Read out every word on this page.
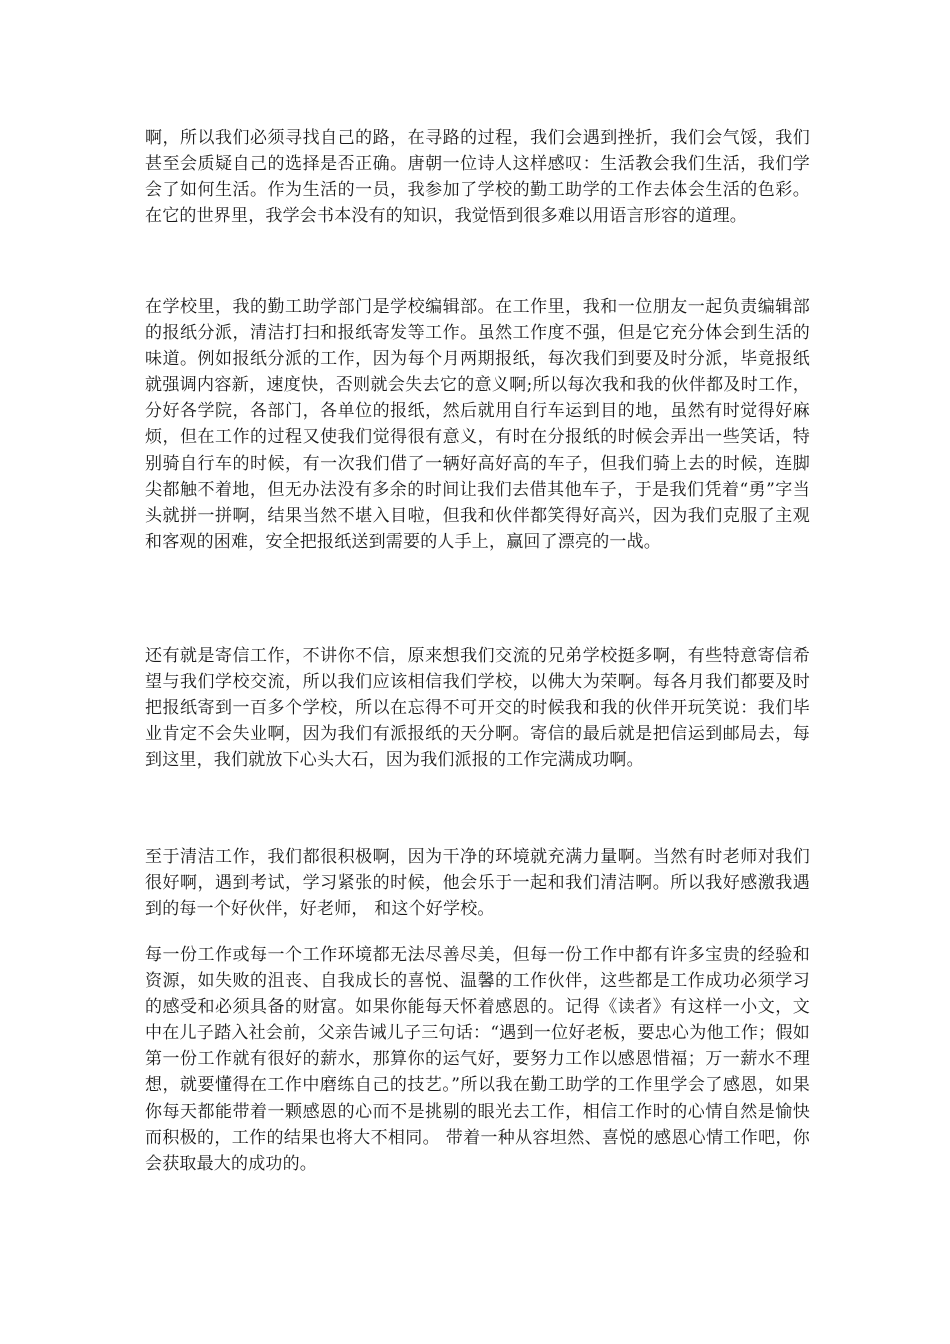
啊，所以我们必须寻找自己的路，在寻路的过程，我们会遇到挫折，我们会气馁，我们甚至会质疑自己的选择是否正确。唐朝一位诗人这样感叹：生活教会我们生活，我们学会了如何生活。作为生活的一员，我参加了学校的勤工助学的工作去体会生活的色彩。在它的世界里，我学会书本没有的知识，我觉悟到很多难以用语言形容的道理。

在学校里，我的勤工助学部门是学校编辑部。在工作里，我和一位朋友一起负责编辑部的报纸分派，清洁打扫和报纸寄发等工作。虽然工作度不强，但是它充分体会到生活的味道。例如报纸分派的工作，因为每个月两期报纸，每次我们到要及时分派，毕竟报纸就强调内容新，速度快，否则就会失去它的意义啊;所以每次我和我的伙伴都及时工作，分好各学院，各部门，各单位的报纸，然后就用自行车运到目的地，虽然有时觉得好麻烦，但在工作的过程又使我们觉得很有意义，有时在分报纸的时候会弄出一些笑话，特别骑自行车的时候，有一次我们借了一辆好高好高的车子，但我们骑上去的时候，连脚尖都触不着地，但无办法没有多余的时间让我们去借其他车子，于是我们凭着“勇”字当头就拼一拼啊，结果当然不堪入目啦，但我和伙伴都笑得好高兴，因为我们克服了主观和客观的困难，安全把报纸送到需要的人手上，赢回了漂亮的一战。

还有就是寄信工作，不讲你不信，原来想我们交流的兄弟学校挺多啊，有些特意寄信希望与我们学校交流，所以我们应该相信我们学校，以佛大为荣啊。每各月我们都要及时把报纸寄到一百多个学校，所以在忘得不可开交的时候我和我的伙伴开玩笑说：我们毕业肯定不会失业啊，因为我们有派报纸的天分啊。寄信的最后就是把信运到邮局去，每到这里，我们就放下心头大石，因为我们派报的工作完满成功啊。

至于清洁工作，我们都很积极啊，因为干净的环境就充满力量啊。当然有时老师对我们很好啊，遇到考试，学习紧张的时候，他会乐于一起和我们清洁啊。所以我好感激我遇到的每一个好伙伴，好老师， 和这个好学校。

每一份工作或每一个工作环境都无法尽善尽美，但每一份工作中都有许多宝贵的经验和资源，如失败的沮丧、自我成长的喜悦、温馨的工作伙伴，这些都是工作成功必须学习的感受和必须具备的财富。如果你能每天怀着感恩的。记得《读者》有这样一小文，文中在儿子踏入社会前，父亲告诫儿子三句话：“遇到一位好老板，要忠心为他工作；假如第一份工作就有很好的薪水，那算你的运气好，要努力工作以感恩惜福；万一薪水不理想，就要懂得在工作中磨练自己的技艺。”所以我在勤工助学的工作里学会了感恩，如果你每天都能带着一颗感恩的心而不是挑剔的眼光去工作，相信工作时的心情自然是愉快而积极的，工作的结果也将大不相同。 带着一种从容坦然、喜悦的感恩心情工作吧，你会获取最大的成功的。
